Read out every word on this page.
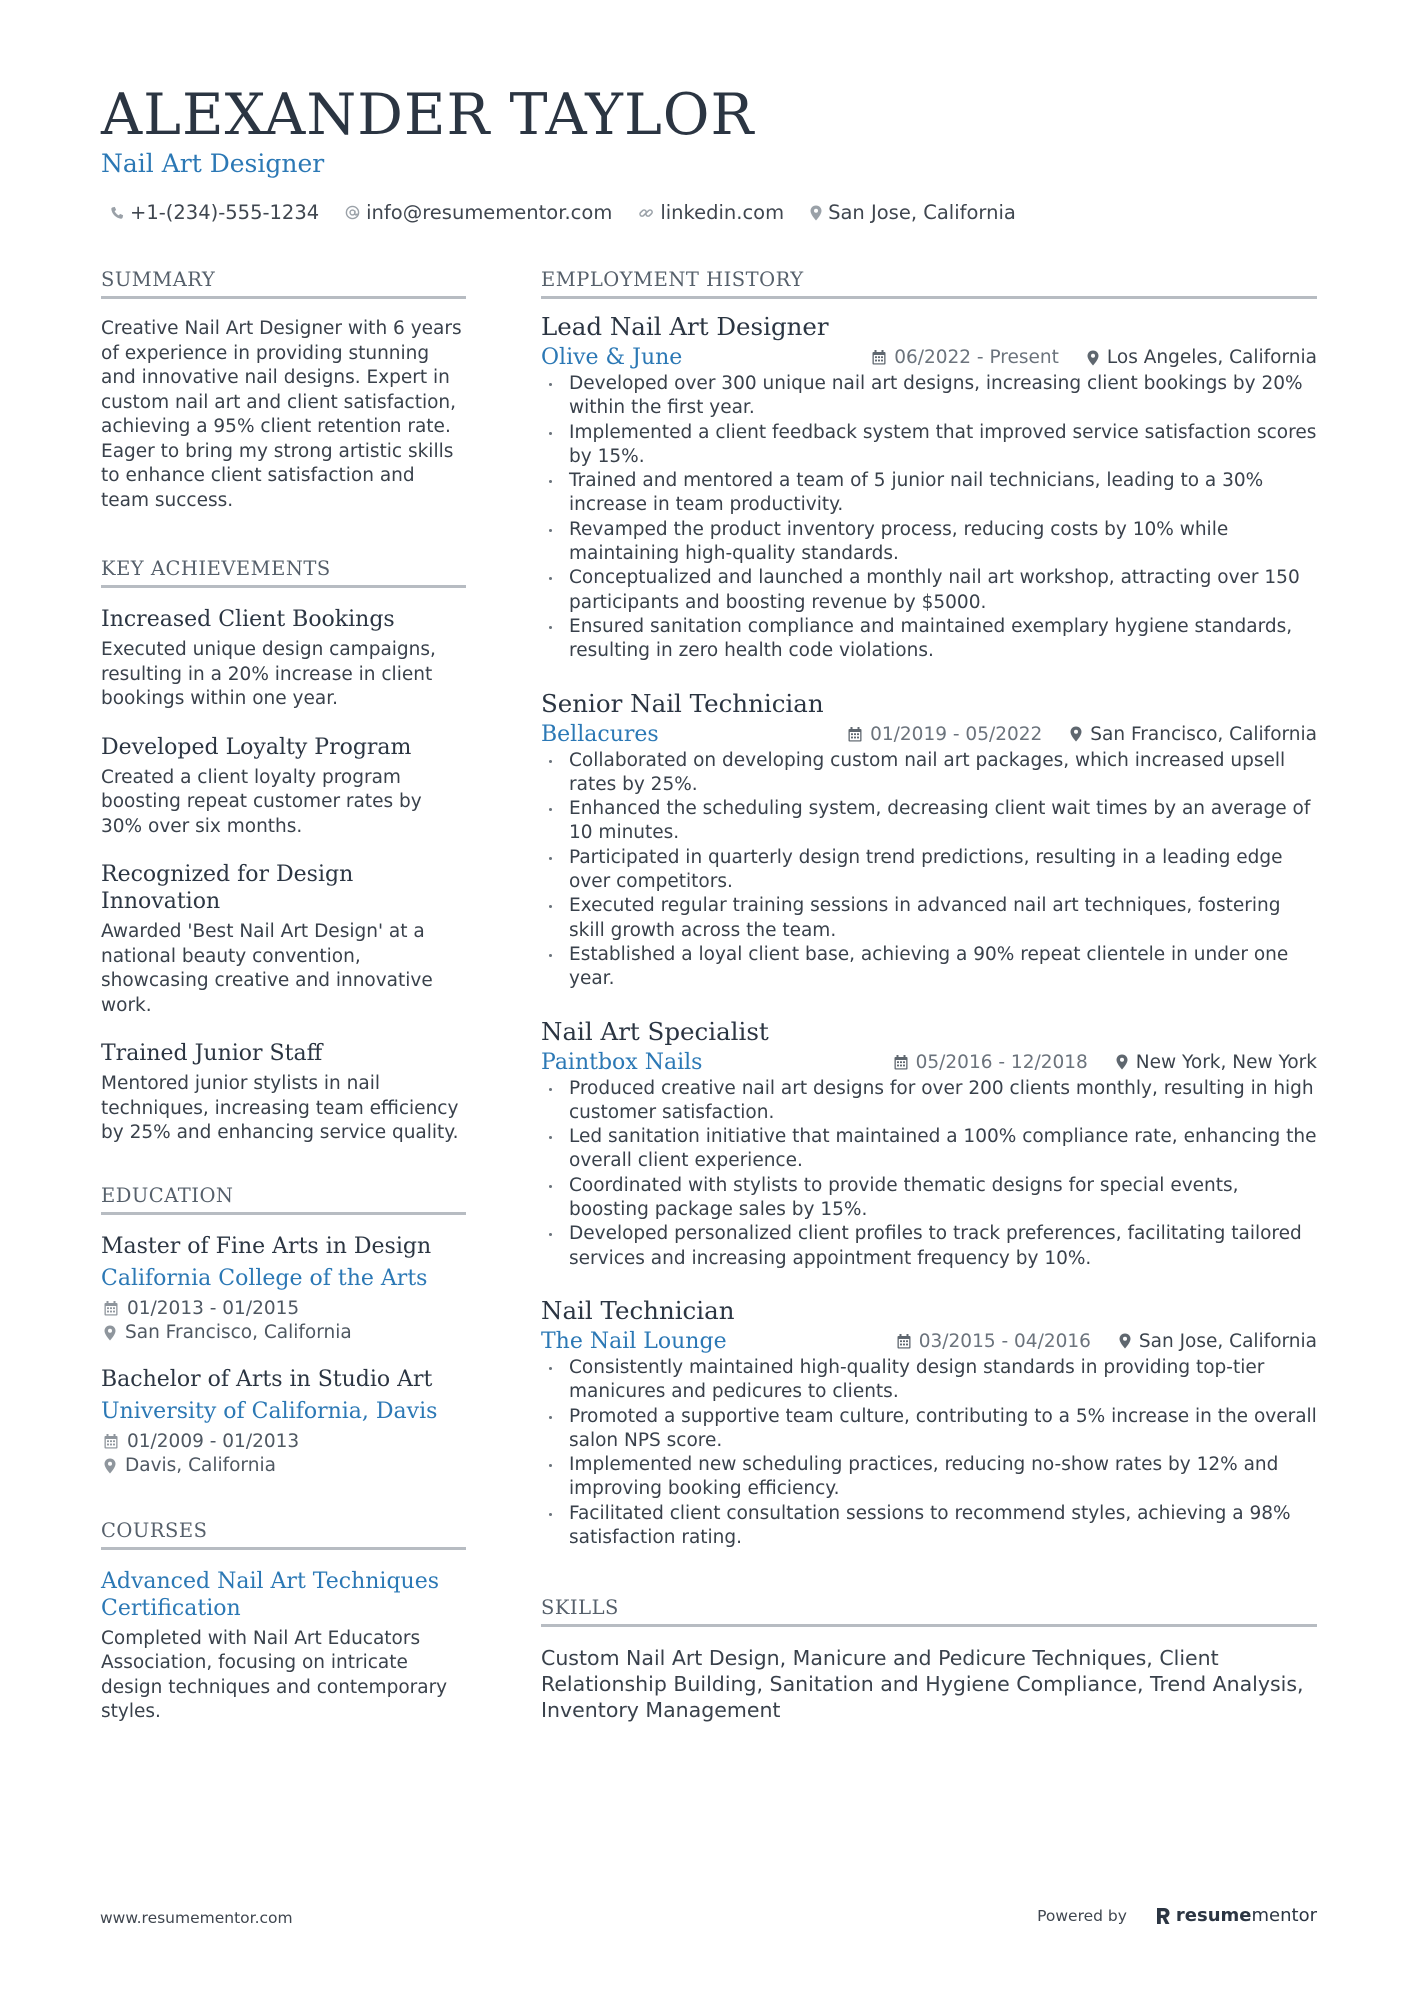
ALEXANDER TAYLOR
Nail Art Designer
+1-(234)-555-1234 info@resumementor.com linkedin.com San Jose, California
SUMMARY

Creative Nail Art Designer with 6 years of experience in providing stunning and innovative nail designs. Expert in custom nail art and client satisfaction, achieving a 95% client retention rate. Eager to bring my strong artistic skills to enhance client satisfaction and team success.

KEY ACHIEVEMENTS
Increased Client Bookings

Executed unique design campaigns, resulting in a 20% increase in client bookings within one year.

Developed Loyalty Program

Created a client loyalty program boosting repeat customer rates by 30% over six months.

Recognized for Design Innovation

Awarded 'Best Nail Art Design' at a national beauty convention, showcasing creative and innovative work.

Trained Junior Staff

Mentored junior stylists in nail techniques, increasing team efficiency by 25% and enhancing service quality.

EDUCATION
Master of Fine Arts in Design
California College of the Arts
01/2013 - 01/2015
San Francisco, California
Bachelor of Arts in Studio Art
University of California, Davis
01/2009 - 01/2013
Davis, California
COURSES
Advanced Nail Art Techniques Certification

Completed with Nail Art Educators Association, focusing on intricate design techniques and contemporary styles.

EMPLOYMENT HISTORY
Lead Nail Art Designer
Olive & June	06/2022 - Present	Los Angeles, California
Developed over 300 unique nail art designs, increasing client bookings by 20% within the first year.
Implemented a client feedback system that improved service satisfaction scores by 15%.
Trained and mentored a team of 5 junior nail technicians, leading to a 30% increase in team productivity.
Revamped the product inventory process, reducing costs by 10% while maintaining high-quality standards.
Conceptualized and launched a monthly nail art workshop, attracting over 150 participants and boosting revenue by $5000.
Ensured sanitation compliance and maintained exemplary hygiene standards, resulting in zero health code violations.
Senior Nail Technician
Bellacures	01/2019 - 05/2022	San Francisco, California
Collaborated on developing custom nail art packages, which increased upsell rates by 25%.
Enhanced the scheduling system, decreasing client wait times by an average of 10 minutes.
Participated in quarterly design trend predictions, resulting in a leading edge over competitors.
Executed regular training sessions in advanced nail art techniques, fostering skill growth across the team.
Established a loyal client base, achieving a 90% repeat clientele in under one year.
Nail Art Specialist
Paintbox Nails	05/2016 - 12/2018	New York, New York
Produced creative nail art designs for over 200 clients monthly, resulting in high customer satisfaction.
Led sanitation initiative that maintained a 100% compliance rate, enhancing the overall client experience.
Coordinated with stylists to provide thematic designs for special events, boosting package sales by 15%.
Developed personalized client profiles to track preferences, facilitating tailored services and increasing appointment frequency by 10%.
Nail Technician
The Nail Lounge	03/2015 - 04/2016	San Jose, California
Consistently maintained high-quality design standards in providing top-tier manicures and pedicures to clients.
Promoted a supportive team culture, contributing to a 5% increase in the overall salon NPS score.
Implemented new scheduling practices, reducing no-show rates by 12% and improving booking efficiency.
Facilitated client consultation sessions to recommend styles, achieving a 98% satisfaction rating.
SKILLS

Custom Nail Art Design, Manicure and Pedicure Techniques, Client Relationship Building, Sanitation and Hygiene Compliance, Trend Analysis, Inventory Management

www.resumementor.com	Powered by	resume mentor
